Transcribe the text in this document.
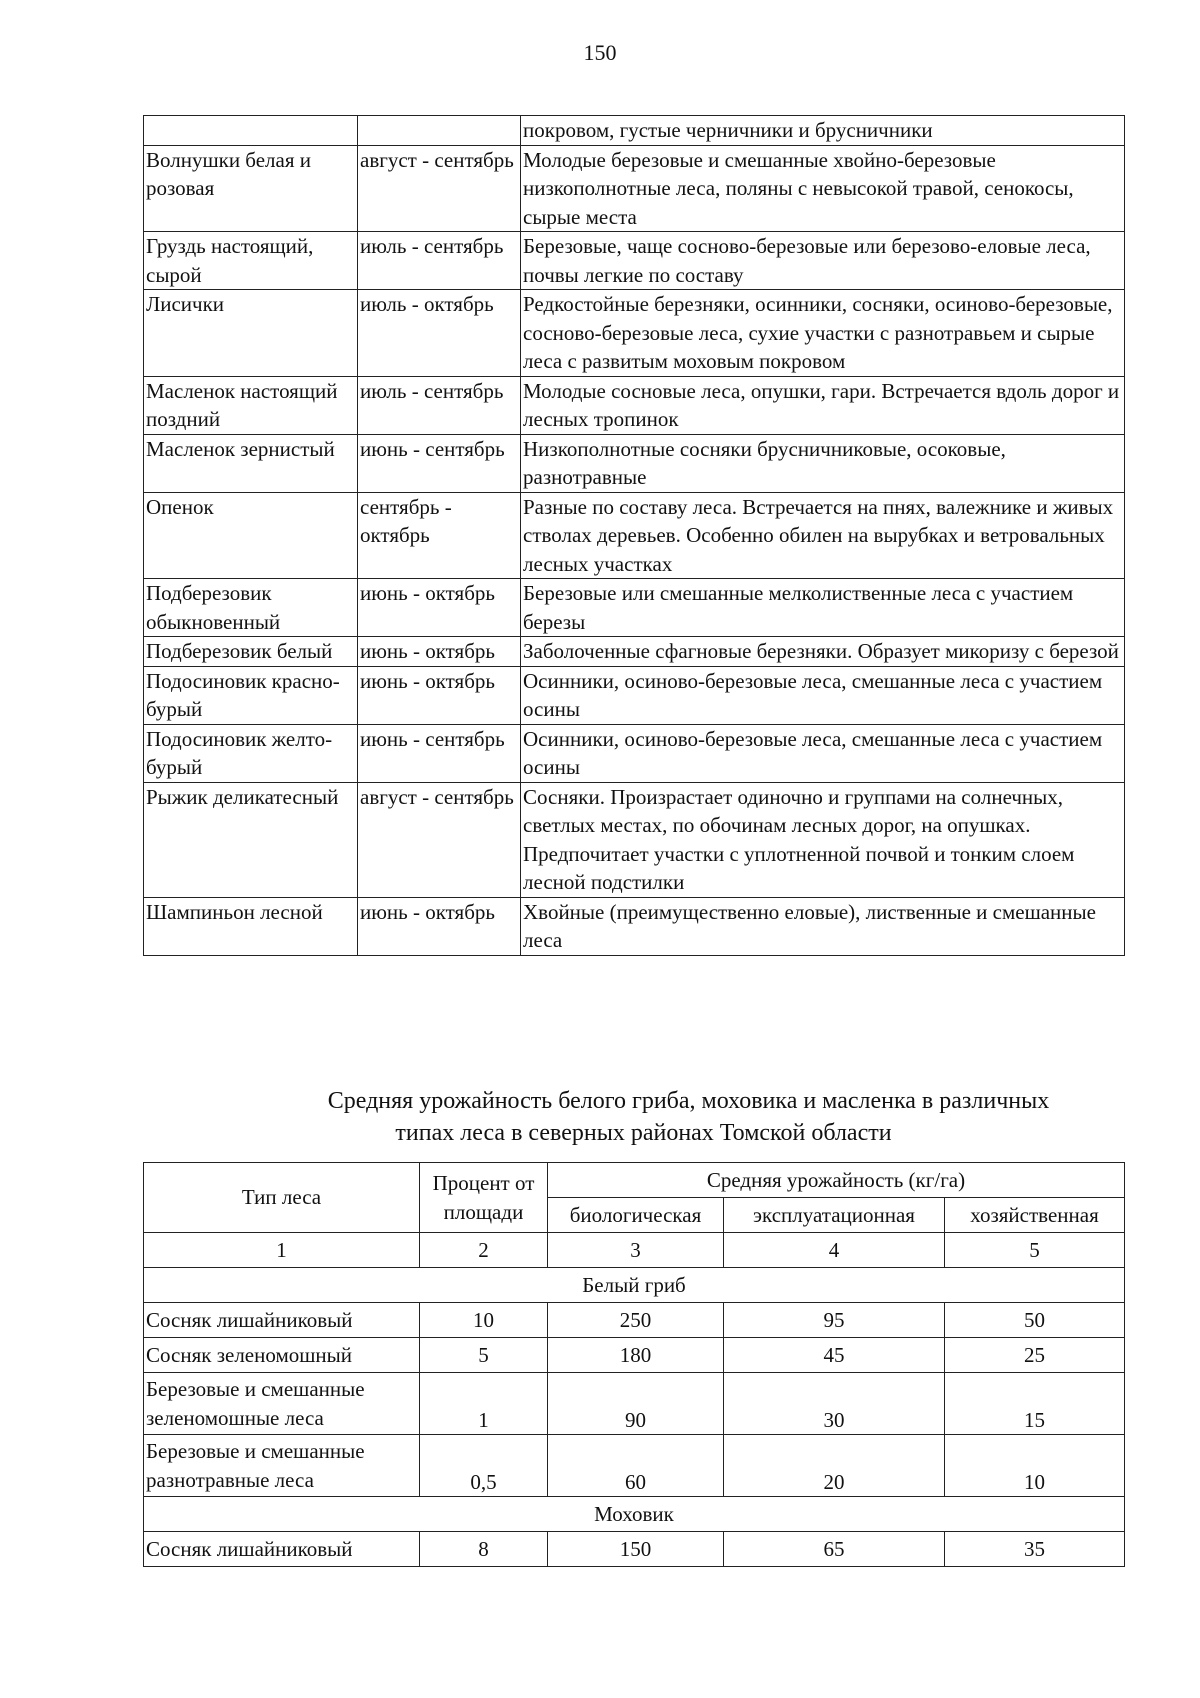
150
		покровом, густые черничники и брусничники
Волнушки белая и розовая	август - сентябрь	Молодые березовые и смешанные хвойно-березовые низкополнотные леса, поляны с невысокой травой, сенокосы, сырые места
Груздь настоящий, сырой	июль - сентябрь	Березовые, чаще сосново-березовые или березово-еловые леса, почвы легкие по составу
Лисички	июль - октябрь	Редкостойные березняки, осинники, сосняки, осиново-березовые, сосново-березовые леса, сухие участки с разнотравьем и сырые леса с развитым моховым покровом
Масленок настоящий поздний	июль - сентябрь	Молодые сосновые леса, опушки, гари. Встречается вдоль дорог и лесных тропинок
Масленок зернистый	июнь - сентябрь	Низкополнотные сосняки брусничниковые, осоковые, разнотравные
Опенок	сентябрь - октябрь	Разные по составу леса. Встречается на пнях, валежнике и живых стволах деревьев. Особенно обилен на вырубках и ветровальных лесных участках
Подберезовик обыкновенный	июнь - октябрь	Березовые или смешанные мелколиственные леса с участием березы
Подберезовик белый	июнь - октябрь	Заболоченные сфагновые березняки. Образует микоризу с березой
Подосиновик красно-бурый	июнь - октябрь	Осинники, осиново-березовые леса, смешанные леса с участием осины
Подосиновик желто-бурый	июнь - сентябрь	Осинники, осиново-березовые леса, смешанные леса с участием осины
Рыжик деликатесный	август - сентябрь	Сосняки. Произрастает одиночно и группами на солнечных, светлых местах, по обочинам лесных дорог, на опушках. Предпочитает участки с уплотненной почвой и тонким слоем лесной подстилки
Шампиньон лесной	июнь - октябрь	Хвойные (преимущественно еловые), лиственные и смешанные леса
Средняя урожайность белого гриба, моховика и масленка в различных
типах леса в северных районах Томской области
Тип леса	Процент от площади	Средняя урожайность (кг/га)		
		биологическая	эксплуатационная	хозяйственная
1	2	3	4	5
Белый гриб				
Сосняк лишайниковый	10	250	95	50
Сосняк зеленомошный	5	180	45	25
Березовые и смешанные зеленомошные леса	1	90	30	15
Березовые и смешанные разнотравные леса	0,5	60	20	10
Моховик				
Сосняк лишайниковый	8	150	65	35
